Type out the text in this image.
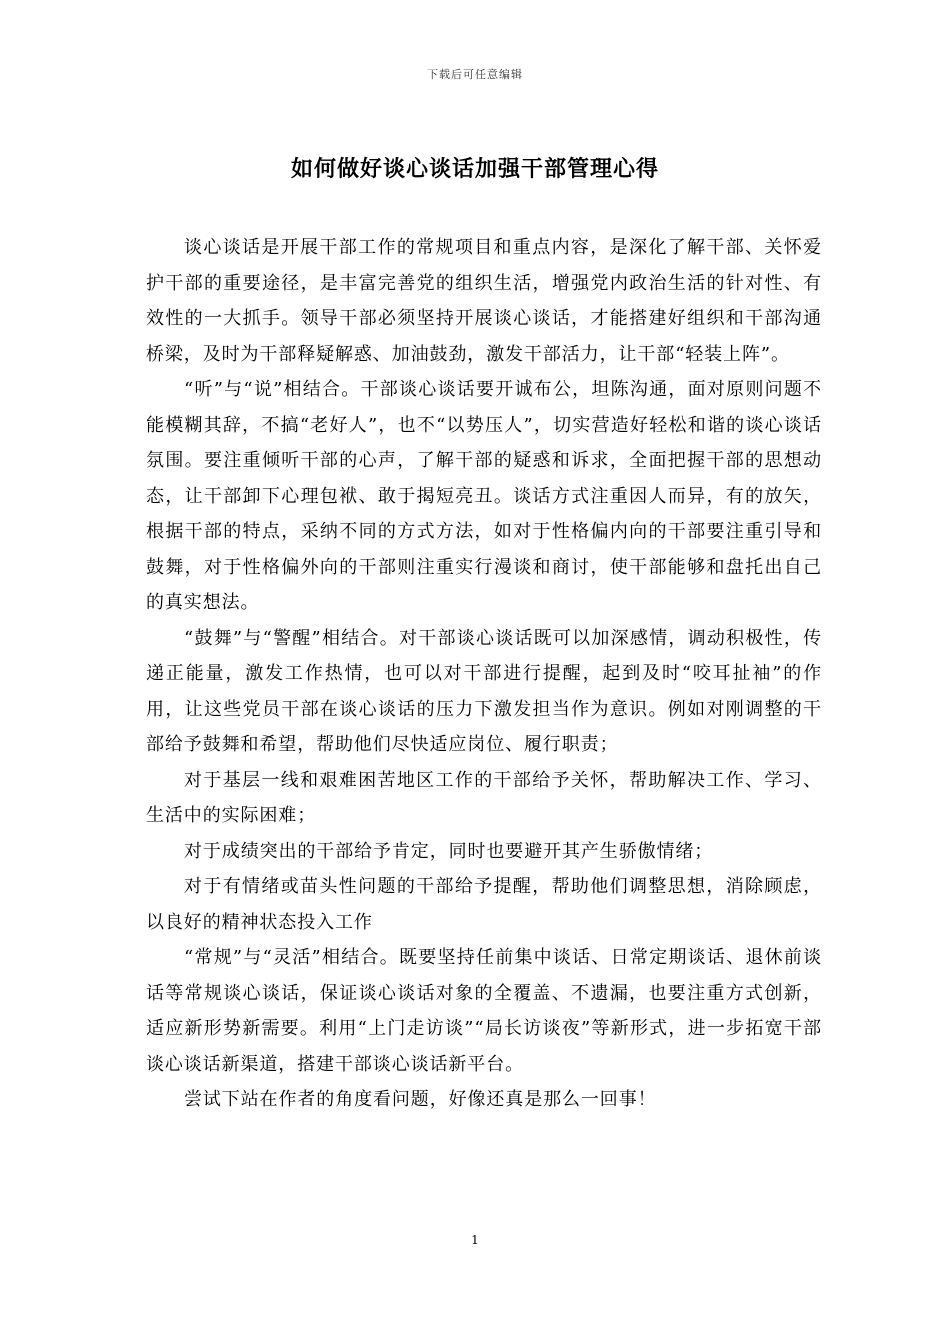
下载后可任意编辑
如何做好谈心谈话加强干部管理心得

谈心谈话是开展干部工作的常规项目和重点内容，是深化了解干部、关怀爱护干部的重要途径，是丰富完善党的组织生活，增强党内政治生活的针对性、有效性的一大抓手。领导干部必须坚持开展谈心谈话，才能搭建好组织和干部沟通桥梁，及时为干部释疑解惑、加油鼓劲，激发干部活力，让干部“轻装上阵”。

“听”与“说”相结合。干部谈心谈话要开诚布公，坦陈沟通，面对原则问题不能模糊其辞，不搞“老好人”，也不“以势压人”，切实营造好轻松和谐的谈心谈话氛围。要注重倾听干部的心声，了解干部的疑惑和诉求，全面把握干部的思想动态，让干部卸下心理包袱、敢于揭短亮丑。谈话方式注重因人而异，有的放矢，根据干部的特点，采纳不同的方式方法，如对于性格偏内向的干部要注重引导和鼓舞，对于性格偏外向的干部则注重实行漫谈和商讨，使干部能够和盘托出自己的真实想法。

“鼓舞”与“警醒”相结合。对干部谈心谈话既可以加深感情，调动积极性，传递正能量，激发工作热情，也可以对干部进行提醒，起到及时“咬耳扯袖”的作用，让这些党员干部在谈心谈话的压力下激发担当作为意识。例如对刚调整的干部给予鼓舞和希望，帮助他们尽快适应岗位、履行职责；

对于基层一线和艰难困苦地区工作的干部给予关怀，帮助解决工作、学习、生活中的实际困难；

对于成绩突出的干部给予肯定，同时也要避开其产生骄傲情绪；

对于有情绪或苗头性问题的干部给予提醒，帮助他们调整思想，消除顾虑，以良好的精神状态投入工作

“常规”与“灵活”相结合。既要坚持任前集中谈话、日常定期谈话、退休前谈话等常规谈心谈话，保证谈心谈话对象的全覆盖、不遗漏，也要注重方式创新，适应新形势新需要。利用“上门走访谈”“局长访谈夜”等新形式，进一步拓宽干部谈心谈话新渠道，搭建干部谈心谈话新平台。

尝试下站在作者的角度看问题，好像还真是那么一回事！

1
